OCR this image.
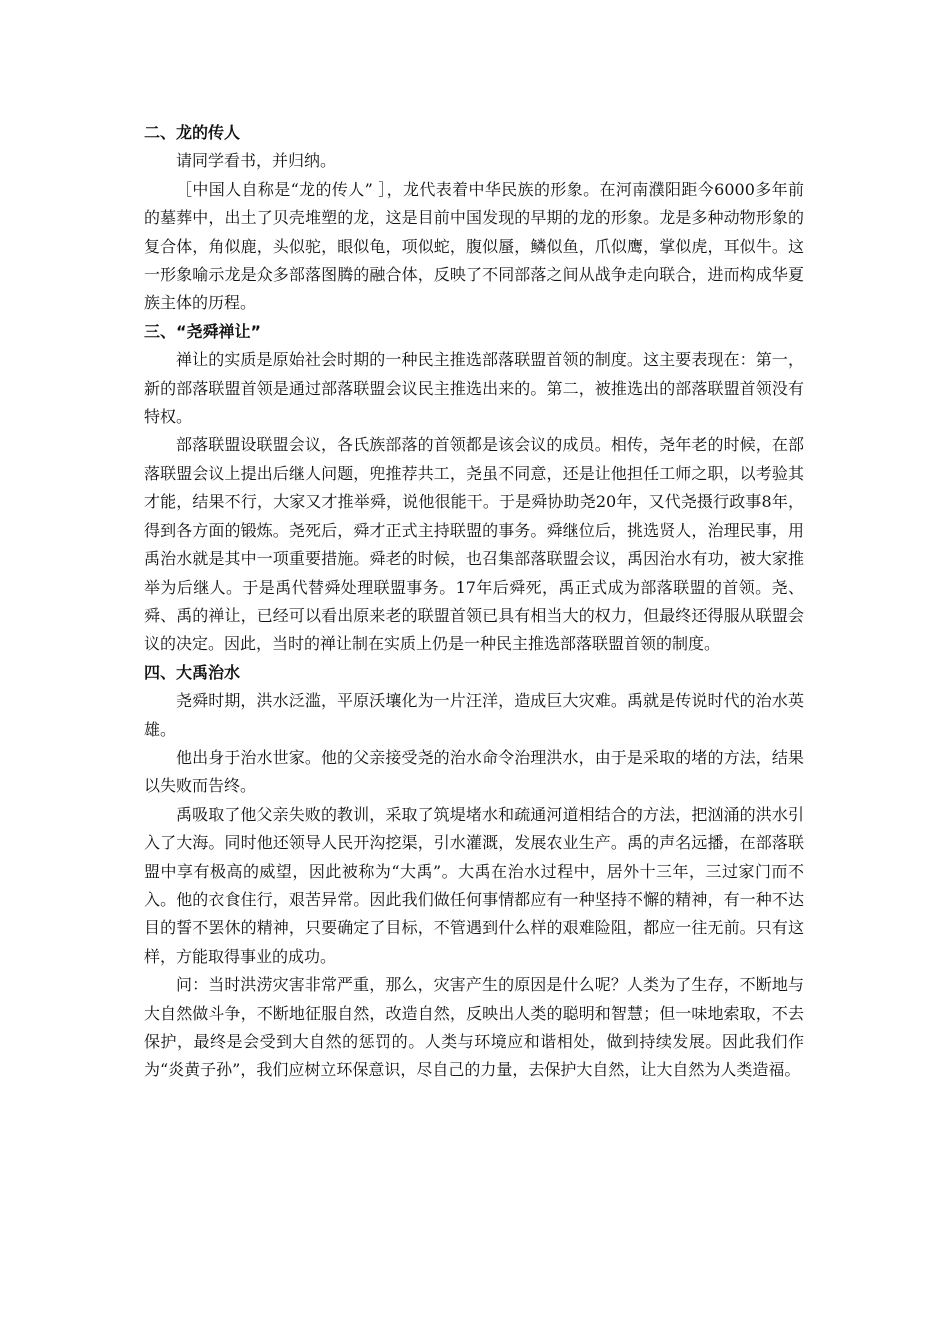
二、龙的传人

请同学看书，并归纳。

［中国人自称是“龙的传人” ］，龙代表着中华民族的形象。在河南濮阳距今6000多年前的墓葬中，出土了贝壳堆塑的龙，这是目前中国发现的早期的龙的形象。龙是多种动物形象的复合体，角似鹿，头似驼，眼似龟，项似蛇，腹似蜃，鳞似鱼，爪似鹰，掌似虎，耳似牛。这一形象喻示龙是众多部落图腾的融合体，反映了不同部落之间从战争走向联合，进而构成华夏族主体的历程。

三、“尧舜禅让”

禅让的实质是原始社会时期的一种民主推选部落联盟首领的制度。这主要表现在：第一，新的部落联盟首领是通过部落联盟会议民主推选出来的。第二，被推选出的部落联盟首领没有特权。

部落联盟设联盟会议，各氏族部落的首领都是该会议的成员。相传，尧年老的时候，在部落联盟会议上提出后继人问题，兜推荐共工，尧虽不同意，还是让他担任工师之职，以考验其才能，结果不行，大家又才推举舜，说他很能干。于是舜协助尧20年，又代尧摄行政事8年，得到各方面的锻炼。尧死后，舜才正式主持联盟的事务。舜继位后，挑选贤人，治理民事，用禹治水就是其中一项重要措施。舜老的时候，也召集部落联盟会议，禹因治水有功，被大家推举为后继人。于是禹代替舜处理联盟事务。17年后舜死，禹正式成为部落联盟的首领。尧、舜、禹的禅让，已经可以看出原来老的联盟首领已具有相当大的权力，但最终还得服从联盟会议的决定。因此，当时的禅让制在实质上仍是一种民主推选部落联盟首领的制度。

四、大禹治水

尧舜时期，洪水泛滥，平原沃壤化为一片汪洋，造成巨大灾难。禹就是传说时代的治水英雄。

他出身于治水世家。他的父亲接受尧的治水命令治理洪水，由于是采取的堵的方法，结果以失败而告终。

禹吸取了他父亲失败的教训，采取了筑堤堵水和疏通河道相结合的方法，把汹涌的洪水引入了大海。同时他还领导人民开沟挖渠，引水灌溉，发展农业生产。禹的声名远播，在部落联盟中享有极高的威望，因此被称为“大禹”。大禹在治水过程中，居外十三年，三过家门而不入。他的衣食住行，艰苦异常。因此我们做任何事情都应有一种坚持不懈的精神，有一种不达目的誓不罢休的精神，只要确定了目标，不管遇到什么样的艰难险阻，都应一往无前。只有这样，方能取得事业的成功。

问：当时洪涝灾害非常严重，那么，灾害产生的原因是什么呢？人类为了生存，不断地与大自然做斗争，不断地征服自然，改造自然，反映出人类的聪明和智慧；但一味地索取，不去保护，最终是会受到大自然的惩罚的。人类与环境应和谐相处，做到持续发展。因此我们作为“炎黄子孙”，我们应树立环保意识，尽自己的力量，去保护大自然，让大自然为人类造福。
